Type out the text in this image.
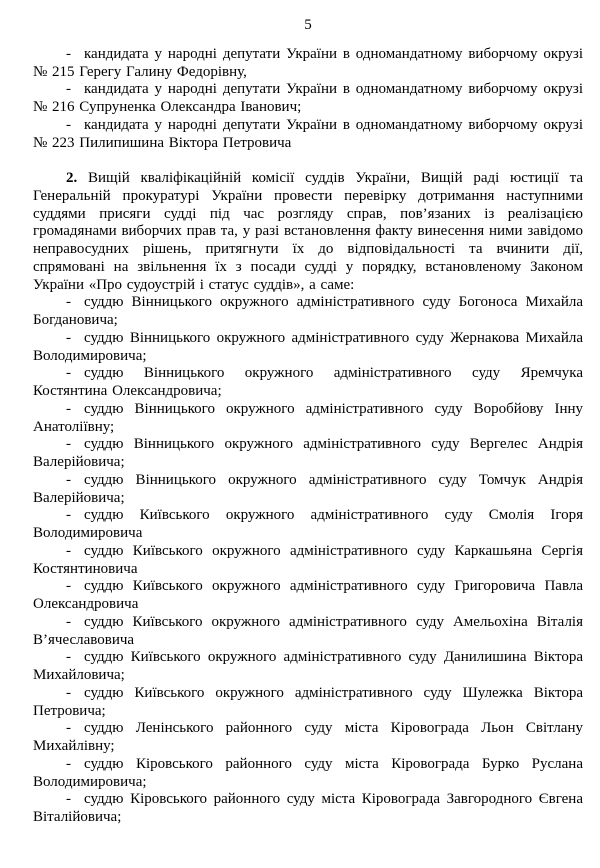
5

- кандидата у народні депутати України в одномандатному виборчому окрузі № 215 Герегу Галину Федорівну,

- кандидата у народні депутати України в одномандатному виборчому окрузі № 216 Супруненка Олександра Іванович;

- кандидата у народні депутати України в одномандатному виборчому окрузі № 223 Пилипишина Віктора Петровича

2. Вищій кваліфікаційній комісії суддів України, Вищій раді юстиції та Генеральній прокуратурі України провести перевірку дотримання наступними суддями присяги судді під час розгляду справ, пов’язаних із реалізацією громадянами виборчих прав та, у разі встановлення факту винесення ними завідомо неправосудних рішень, притягнути їх до відповідальності та вчинити дії, спрямовані на звільнення їх з посади судді у порядку, встановленому Законом України «Про судоустрій і статус суддів», а саме:

- суддю Вінницького окружного адміністративного суду Богоноса Михайла Богдановича;

- суддю Вінницького окружного адміністративного суду Жернакова Михайла Володимировича;

- суддю Вінницького окружного адміністративного суду Яремчука Костянтина Олександровича;

- суддю Вінницького окружного адміністративного суду Воробйову Інну Анатоліївну;

- суддю Вінницького окружного адміністративного суду Вергелес Андрія Валерійовича;

- суддю Вінницького окружного адміністративного суду Томчук Андрія Валерійовича;

- суддю Київського окружного адміністративного суду Смолія Ігоря Володимировича

- суддю Київського окружного адміністративного суду Каркашьяна Сергія Костянтиновича

- суддю Київського окружного адміністративного суду Григоровича Павла Олександровича

- суддю Київського окружного адміністративного суду Амельохіна Віталія В’ячеславовича

- суддю Київського окружного адміністративного суду Данилишина Віктора Михайловича;

- суддю Київського окружного адміністративного суду Шулежка Віктора Петровича;

- суддю Ленінського районного суду міста Кіровограда Льон Світлану Михайлівну;

- суддю Кіровського районного суду міста Кіровограда Бурко Руслана Володимировича;

- суддю Кіровського районного суду міста Кіровограда Завгородного Євгена Віталійовича;
